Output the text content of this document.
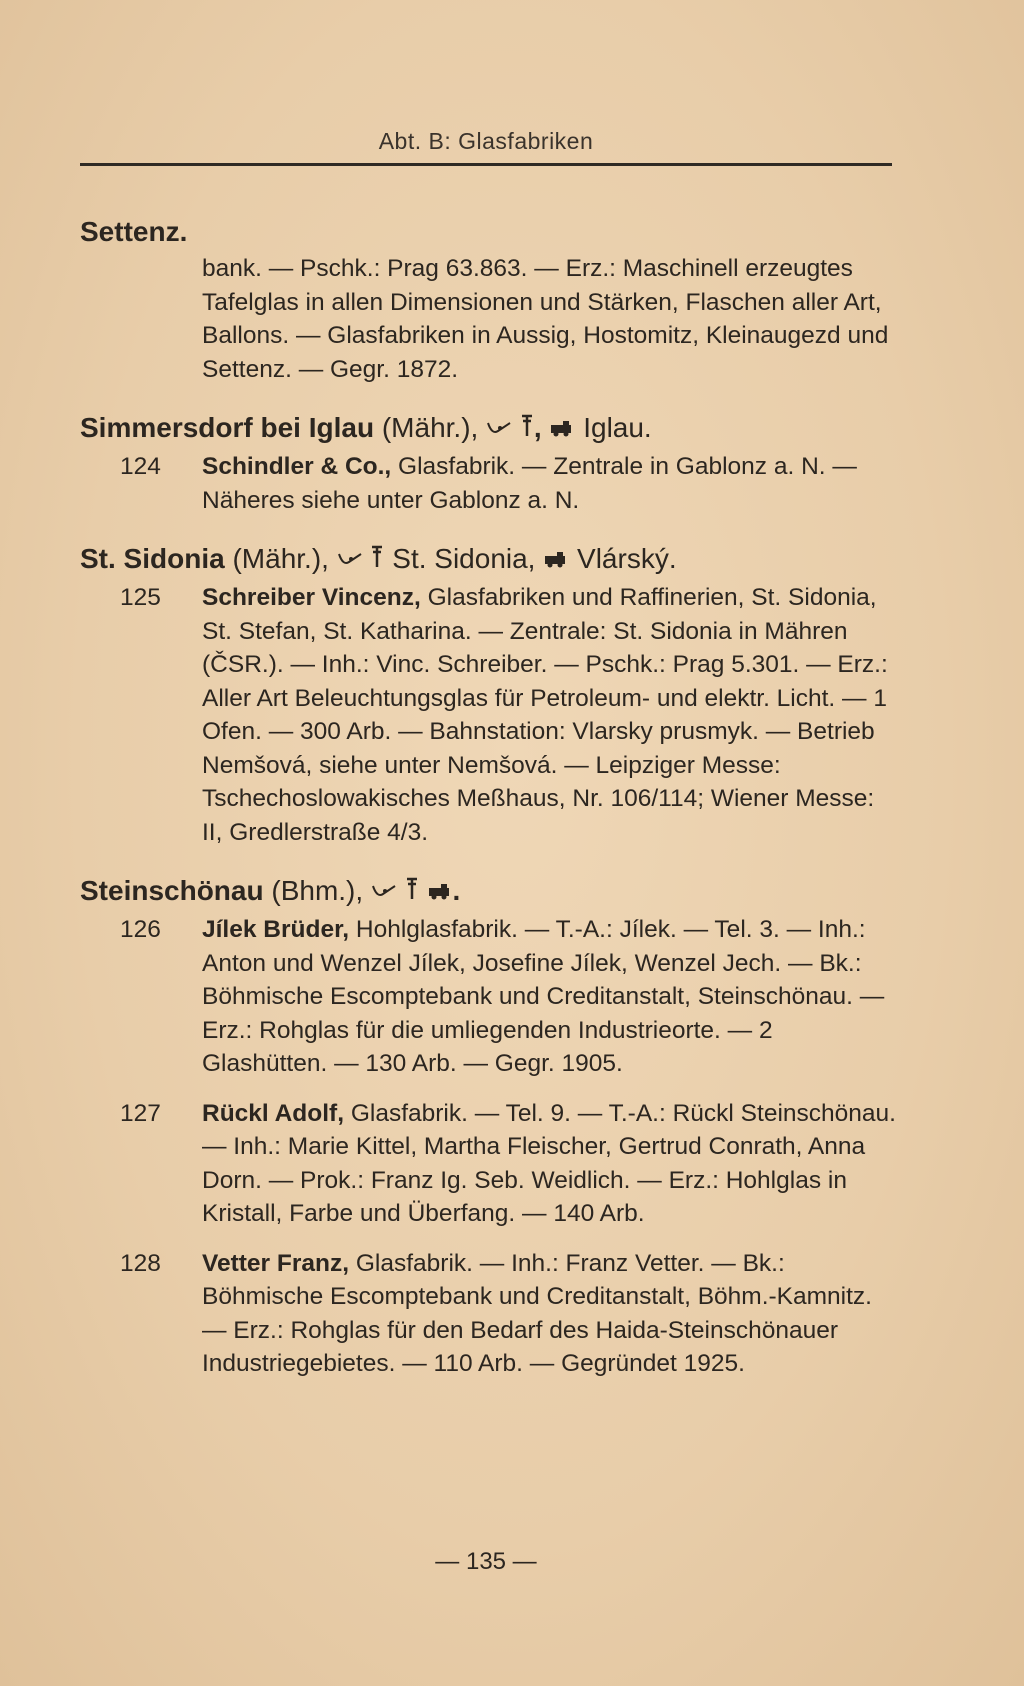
Abt. B: Glasfabriken
Settenz.

bank. — Pschk.: Prag 63.863. — Erz.: Maschinell erzeugtes Tafelglas in allen Dimensionen und Stärken, Flaschen aller Art, Ballons. — Glasfabriken in Aussig, Hostomitz, Kleinaugezd und Settenz. — Gegr. 1872.

Simmersdorf bei Iglau (Mähr.), ,  Iglau.

124 Schindler & Co., Glasfabrik. — Zentrale in Gablonz a. N. — Näheres siehe unter Gablonz a. N.

St. Sidonia (Mähr.),   St. Sidonia,  Vlárský.

125 Schreiber Vincenz, Glasfabriken und Raffinerien, St. Sidonia, St. Stefan, St. Katharina. — Zentrale: St. Sidonia in Mähren (ČSR.). — Inh.: Vinc. Schreiber. — Pschk.: Prag 5.301. — Erz.: Aller Art Beleuchtungsglas für Petroleum- und elektr. Licht. — 1 Ofen. — 300 Arb. — Bahnstation: Vlarsky prusmyk. — Betrieb Nemšová, siehe unter Nemšová. — Leipziger Messe: Tschechoslowakisches Meßhaus, Nr. 106/114; Wiener Messe: II, Gredlerstraße 4/3.

Steinschönau (Bhm.),	.

126 Jílek Brüder, Hohlglasfabrik. — T.-A.: Jílek. — Tel. 3. — Inh.: Anton und Wenzel Jílek, Josefine Jílek, Wenzel Jech. — Bk.: Böhmische Escomptebank und Creditanstalt, Steinschönau. — Erz.: Rohglas für die umliegenden Industrieorte. — 2 Glashütten. — 130 Arb. — Gegr. 1905.

127 Rückl Adolf, Glasfabrik. — Tel. 9. — T.-A.: Rückl Steinschönau. — Inh.: Marie Kittel, Martha Fleischer, Gertrud Conrath, Anna Dorn. — Prok.: Franz Ig. Seb. Weidlich. — Erz.: Hohlglas in Kristall, Farbe und Überfang. — 140 Arb.

128 Vetter Franz, Glasfabrik. — Inh.: Franz Vetter. — Bk.: Böhmische Escomptebank und Creditanstalt, Böhm.-Kamnitz. — Erz.: Rohglas für den Bedarf des Haida-Steinschönauer Industriegebietes. — 110 Arb. — Gegründet 1925.

— 135 —
